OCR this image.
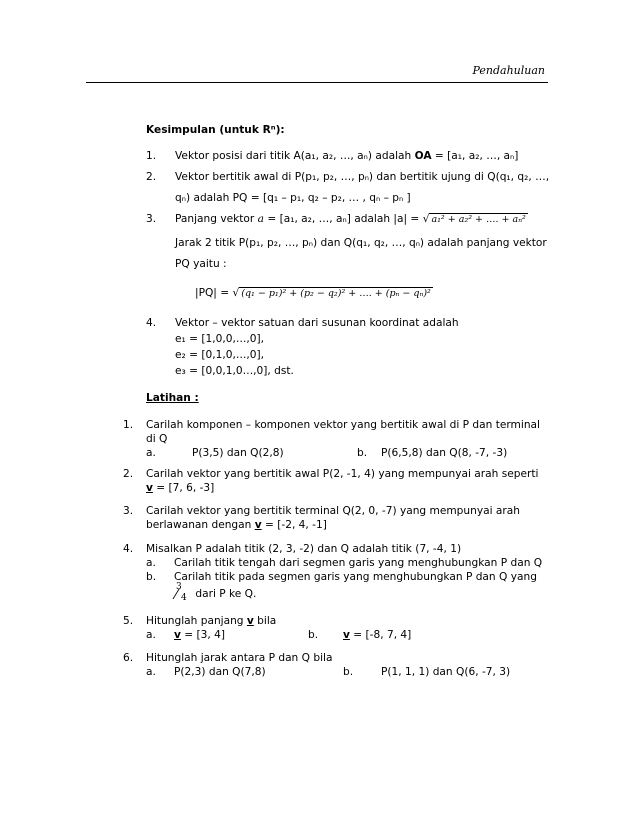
Pendahuluan
Kesimpulan (untuk Rⁿ):
1. Vektor posisi dari titik A(a₁, a₂, …, aₙ) adalah OA = [a₁, a₂, …, aₙ]
2. Vektor bertitik awal di P(p₁, p₂, …, pₙ) dan bertitik ujung di Q(q₁, q₂, …,
qₙ) adalah PQ = [q₁ – p₁, q₂ – p₂, … , qₙ – pₙ ]
3. Panjang vektor a = [a₁, a₂, …, aₙ] adalah |a| = √ a₁² + a₂² + …. + aₙ²
Jarak 2 titik P(p₁, p₂, …, pₙ) dan Q(q₁, q₂, …, qₙ) adalah panjang vektor
PQ yaitu :
|PQ| = √ (q₁ − p₁)² + (p₂ − q₂)² + …. + (pₙ − qₙ)²
4. Vektor – vektor satuan dari susunan koordinat adalah
e₁ = [1,0,0,…,0],
e₂ = [0,1,0,…,0],
e₃ = [0,0,1,0…,0], dst.
Latihan :
1. Carilah komponen – komponen vektor yang bertitik awal di P dan terminal
di Q
a.	P(3,5) dan Q(2,8)	b. P(6,5,8) dan Q(8, -7, -3)
2. Carilah vektor yang bertitik awal P(2, -1, 4) yang mempunyai arah seperti
v = [7, 6, -3]
3. Carilah vektor yang bertitik terminal Q(2, 0, -7) yang mempunyai arah
berlawanan dengan v = [-2, 4, -1]
4. Misalkan P adalah titik (2, 3, -2) dan Q adalah titik (7, -4, 1)
a. Carilah titik tengah dari segmen garis yang menghubungkan P dan Q
b. Carilah titik pada segmen garis yang menghubungkan P dan Q yang
3
⁄ 4 dari P ke Q.
5. Hitunglah panjang v bila
a. v = [3, 4]	b. v = [-8, 7, 4]
6. Hitunglah jarak antara P dan Q bila
a. P(2,3) dan Q(7,8)	b.	P(1, 1, 1) dan Q(6, -7, 3)
